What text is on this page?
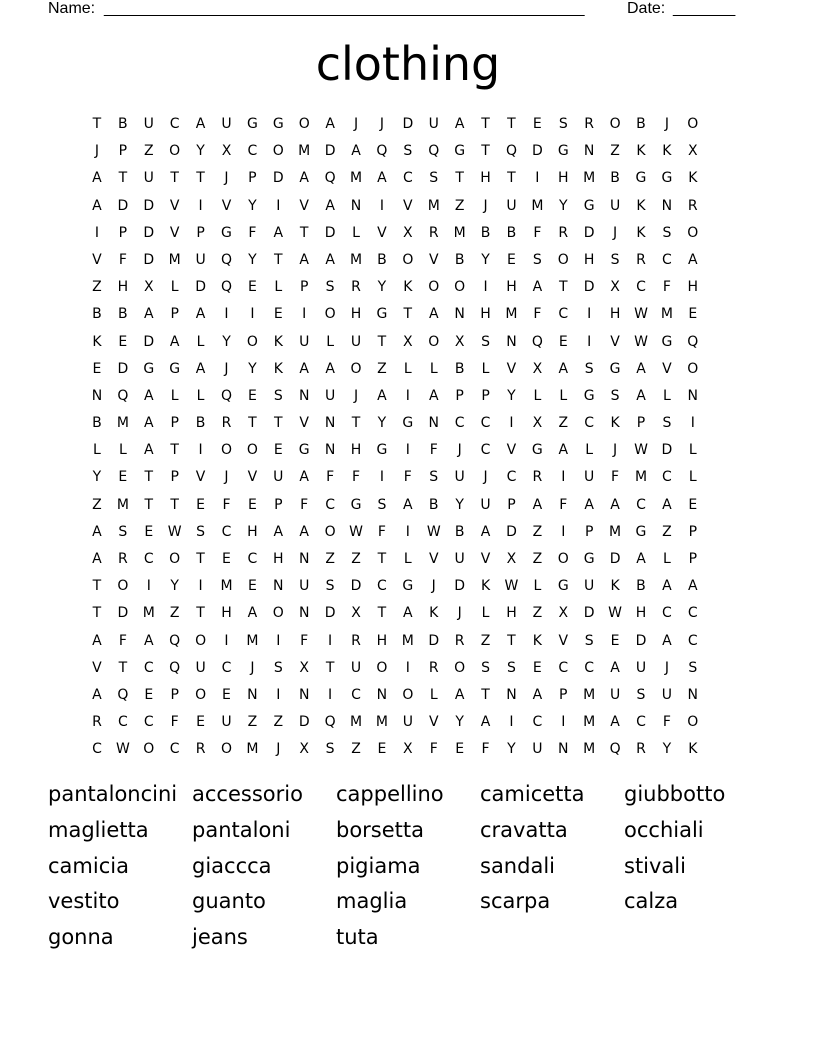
Name: ______________________________________________________	Date: _______
clothing
T	B	U	C	A	U	G	G	O	A	J	J	D	U	A	T	T	E	S	R	O	B	J	O
J	P	Z	O	Y	X	C	O	M	D	A	Q	S	Q	G	T	Q	D	G	N	Z	K	K	X
A	T	U	T	T	J	P	D	A	Q	M	A	C	S	T	H	T	I	H	M	B	G	G	K
A	D	D	V	I	V	Y	I	V	A	N	I	V	M	Z	J	U	M	Y	G	U	K	N	R
I	P	D	V	P	G	F	A	T	D	L	V	X	R	M	B	B	F	R	D	J	K	S	O
V	F	D	M	U	Q	Y	T	A	A	M	B	O	V	B	Y	E	S	O	H	S	R	C	A
Z	H	X	L	D	Q	E	L	P	S	R	Y	K	O	O	I	H	A	T	D	X	C	F	H
B	B	A	P	A	I	I	E	I	O	H	G	T	A	N	H	M	F	C	I	H W M	E
K	E	D	A	L	Y	O	K	U	L	U	T	X	O	X	S	N	Q	E	I	V	W G	Q
E	D	G	G	A	J	Y	K	A	A	O	Z	L	L	B	L	V	X	A	S	G	A	V	O
N	Q	A	L	L	Q	E	S	N	U	J	A	I	A	P	P	Y	L	L	G	S	A	L	N
B	M	A	P	B	R	T	T	V	N	T	Y	G	N	C	C	I	X	Z	C	K	P	S	I
L	L	A	T	I	O	O	E	G	N	H	G	I	F	J	C	V	G	A	L	J	W D	L
Y	E	T	P	V	J	V	U	A	F	F	I	F	S	U	J	C	R	I	U	F	M	C	L
Z	M	T	T	E	F	E	P	F	C	G	S	A	B	Y	U	P	A	F	A	A	C	A	E
A	S	E	W	S	C	H	A	A	O W	F	I	W	B	A	D	Z	I	P	M	G	Z	P
A	R	C	O	T	E	C	H	N	Z	Z	T	L	V	U	V	X	Z	O	G	D	A	L	P
T	O	I	Y	I	M	E	N	U	S	D	C	G	J	D	K	W	L	G	U	K	B	A	A
T	D	M	Z	T	H	A	O	N	D	X	T	A	K	J	L	H	Z	X	D W H	C	C
A	F	A	Q	O	I	M	I	F	I	R	H	M	D	R	Z	T	K	V	S	E	D	A	C
V	T	C	Q	U	C	J	S	X	T	U	O	I	R	O	S	S	E	C	C	A	U	J	S
A	Q	E	P	O	E	N	I	N	I	C	N	O	L	A	T	N	A	P	M	U	S	U	N
R	C	C	F	E	U	Z	Z	D	Q	M M	U	V	Y	A	I	C	I	M	A	C	F	O
C	W O	C	R	O	M	J	X	S	Z	E	X	F	E	F	Y	U	N	M	Q	R	Y	K
pantaloncini accessorio	cappellino	camicetta	giubbotto
maglietta	pantaloni	borsetta	cravatta	occhiali
camicia	giaccca	pigiama	sandali	stivali
vestito	guanto	maglia	scarpa	calza
gonna	jeans	tuta
